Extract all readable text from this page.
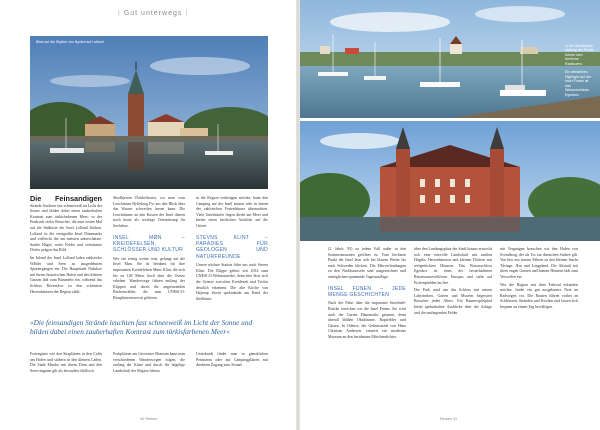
| Gut unterwegs |
Blick auf die Skyline von Nyvind auf Lolland

Die Feinsandigen Strände leuchten fast schneeweiß im Licht der Sonne und bilden dabei einen zauberhaften Kontrast zum türkisfarbenen Meer: so der Eindruck vieler Besucher, die zum ersten Mal auf die Südküste der Insel Lolland blicken. Lolland ist die viertgrößte Insel Dänemarks und vielleicht die am meisten unterschätzte. Sanfte Hügel, weite Felder und verträumte Dörfer prägen das Bild.

Im Inland der Insel Lolland laden zahlreiche Wälder und Seen zu ausgedehnten Spaziergängen ein. Die Hauptstadt Nakskov mit ihrem historischen Hafen und den kleinen Gassen lädt zum Bummeln ein, während das Schloss Reventlow zu den schönsten Herrenhäusern der Region zählt.

Skodbjerren Dobbelttoren, wo man vom Leuchtturm Hyllekrog Fyr aus den Blick über das Wasser schweifen lassen kann. Die Leuchttürme an den Küsten der Insel dienen noch heute als wichtige Orientierung für Seefahrer.

INSEL MØN – KREIDEFELSEN, SCHLÖSSER UND KULTUR

Wer ein wenig weiter reist, gelangt auf die Insel Møn. Sie ist berühmt für ihre imposanten Kreidefelsen Møns Klint, die sich bis zu 128 Meter hoch über die Ostsee erheben. Wanderwege führen entlang der Klippen und durch die angrenzenden Buchenwälder, die zum UNESCO-Biosphärenreservat gehören.

in die Region verbringen möchte, kann den Camping auf der Insel nutzen oder in einem der zahlreichen Ferienhäuser übernachten. Viele Unterkünfte liegen direkt am Meer und bieten einen herrlichen Ausblick auf die Ostsee.

STEVNS KLINT – PARADIES FÜR GEOLOGEN UND NATURFREUNDE

Unsere nächste Station führt uns nach Stevns Klint. Die Klippe gehört seit 2014 zum UNESCO-Weltnaturerbe, denn hier lässt sich die Grenze zwischen Kreidezeit und Tertiär deutlich erkennen. Die alte Kirche von Højerup thront spektakulär am Rand der Steilküste.

»Die feinsandigen Strände leuchten fast schneeweiß im Licht der Sonne und bilden dabei einen zauberhaften Kontrast zum türkisfarbenen Meer«

Feriengäste wie den Sitzplätzen in den Cafés am Hafen und stöbern in den kleinen Läden. Die Stadt Maribo mit ihrem Dom und den Seen ringsum gilt als besonders idyllisch.

Parkplätzen am Geocenter Museum kann man verschiedenen Wanderwegen folgen, die entlang der Küste und durch die hügelige Landschaft der Region führen.

Unterkunft findet man in gemütlichen Pensionen oder auf Campingplätzen mit direktem Zugang zum Strand.

40 Reisen
in der Sandflache entlang der Route fuhren sich herrliche Radtouren.
Ein attraktives Highlight auf der Insel Funen ist das Wasserschloss Egeskov.

(2. Jahrh. 95) zu jedem Fall außer in den Sommermonaten geöffnet ist. Vom höchsten Punkt der Insel lässt sich bei klarem Wetter bis nach Schweden blicken. Die Fährverbindungen zu den Nachbarinseln sind ausgezeichnet und ermöglichen spannende Tagesausflüge.

INSEL FÜNEN – JEDE MENGE GESCHICHTEN

Nach der Fahrt über die imposante Storebælt-Brücke erreichen wir die Insel Fünen. Sie wird auch der Garten Dänemarks genannt, denn überall blühen Obstbäume, Rapsfelder und Gärten. In Odense, der Geburtsstadt von Hans Christian Andersen, erinnert ein modernes Museum an den berühmten Märchendichter.

über den Landungsplatz der Stadt hinaus erstreckt sich eine reizvolle Landschaft mit sanften Hügeln, Herrenhäusern und kleinen Dörfern mit reetgedeckten Häusern. Das Wasserschloss Egeskov ist eines der besterhaltenen Renaissanceschlösser Europas und steht auf Eichenpfählen im See.

Der Park rund um das Schloss mit seinen Labyrinthen, Gärten und Museen begeistert Besucher jeden Alters. Ein Baumwipfelpfad bietet spektakuläre Ausblicke über die Anlage und die umliegenden Felder.

mit Vergnügen besuchen wir den Hafen von Svendborg, der als Tor zur dänischen Südsee gilt. Von hier aus starten Fähren zu den kleinen Inseln Tåsinge, Ærø und Langeland. Die Altstadt mit ihren engen Gassen und bunten Häusern lädt zum Verweilen ein.

Wer die Region mit dem Fahrrad erkunden möchte, findet ein gut ausgebautes Netz an Radwegen vor. Die Routen führen vorbei an Schlössern, Stränden und Kirchen und lassen sich bequem an einem Tag bewältigen.

Reisen 41
